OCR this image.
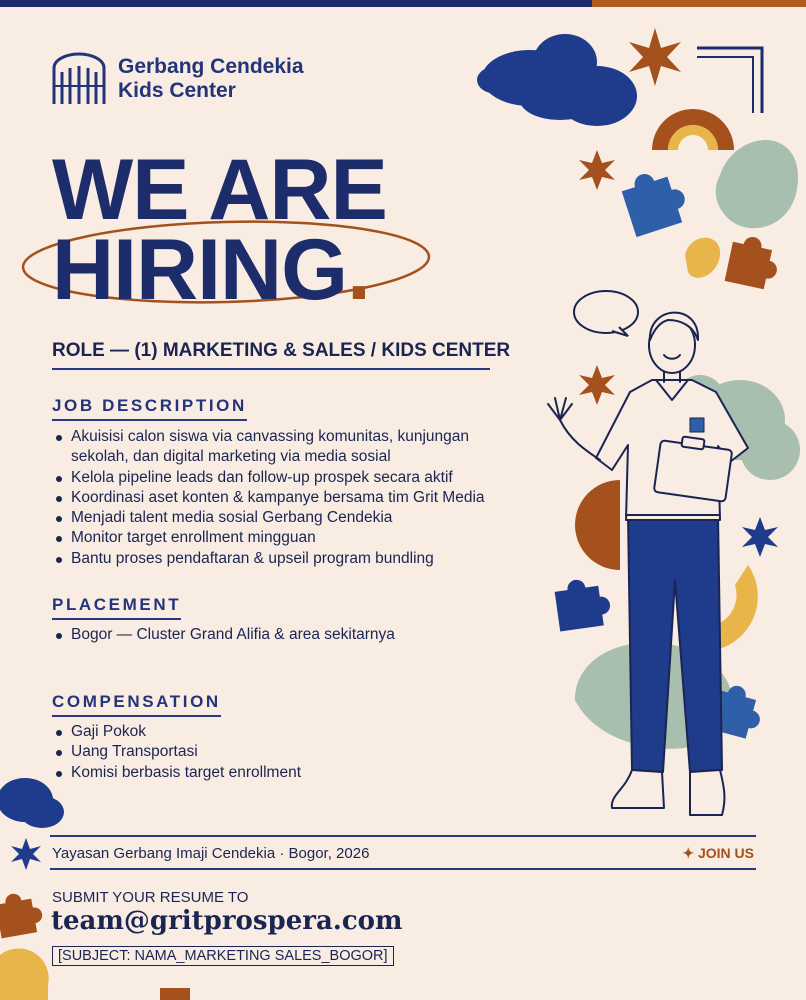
Gerbang Cendekia
Kids Center
WE ARE
HIRING.
ROLE — (1) MARKETING & SALES / KIDS CENTER
JOB DESCRIPTION
Akuisisi calon siswa via canvassing komunitas, kunjungan sekolah, dan digital marketing via media sosial
Kelola pipeline leads dan follow-up prospek secara aktif
Koordinasi aset konten & kampanye bersama tim Grit Media
Menjadi talent media sosial Gerbang Cendekia
Monitor target enrollment mingguan
Bantu proses pendaftaran & upseil program bundling
PLACEMENT
Bogor — Cluster Grand Alifia & area sekitarnya
COMPENSATION
Gaji Pokok
Uang Transportasi
Komisi berbasis target enrollment
Yayasan Gerbang Imaji Cendekia · Bogor, 2026	✦ JOIN US
SUBMIT YOUR RESUME TO
team@gritprospera.com
[SUBJECT: NAMA_MARKETING SALES_BOGOR]
